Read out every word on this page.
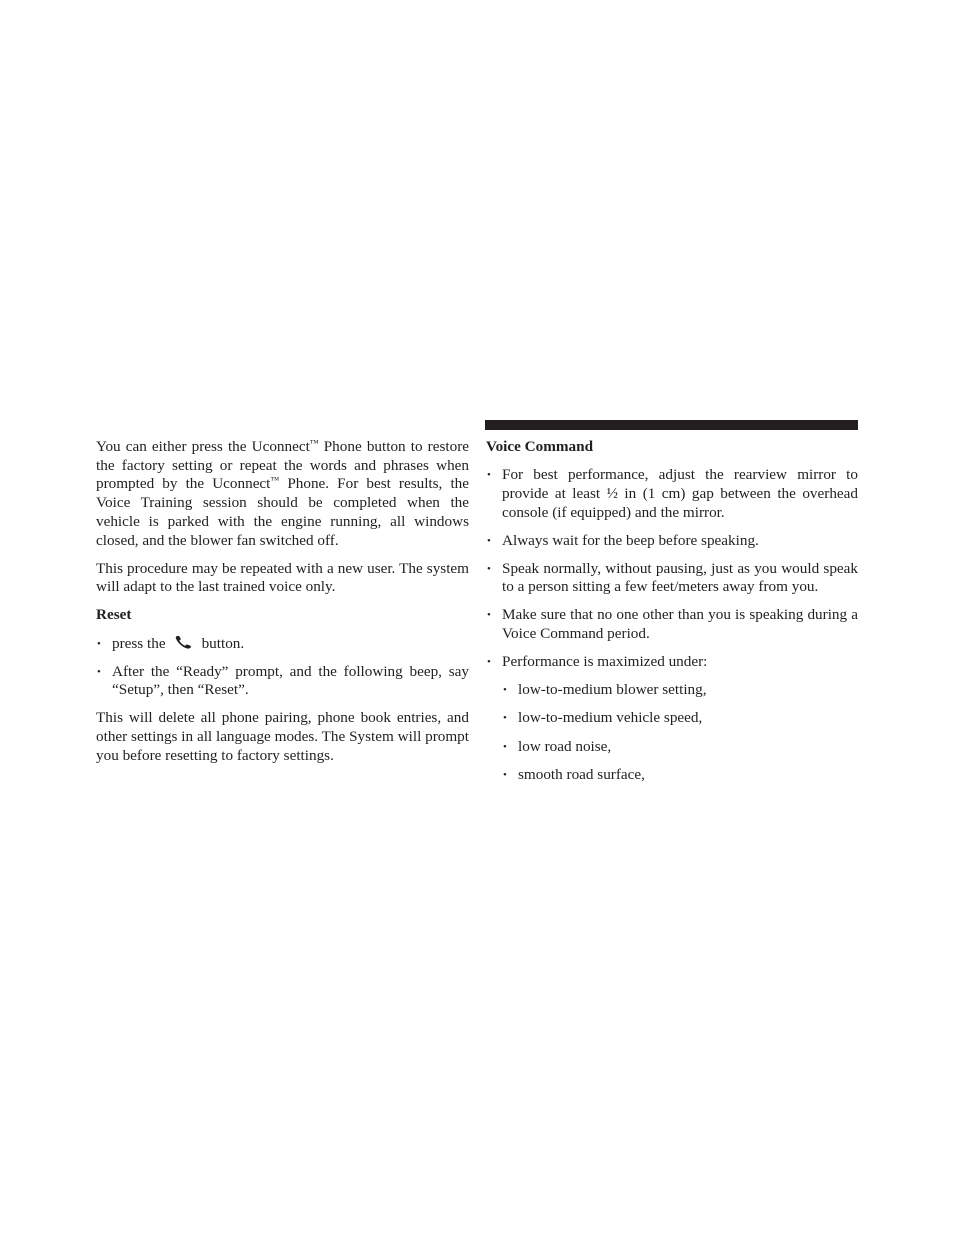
You can either press the Uconnect™ Phone button to restore the factory setting or repeat the words and phrases when prompted by the Uconnect™ Phone. For best results, the Voice Training session should be completed when the vehicle is parked with the engine running, all windows closed, and the blower fan switched off.

This procedure may be repeated with a new user. The system will adapt to the last trained voice only.

Reset
• press the button.
• After the “Ready” prompt, and the following beep, say “Setup”, then “Reset”.

This will delete all phone pairing, phone book entries, and other settings in all language modes. The System will prompt you before resetting to factory settings.

Voice Command
• For best performance, adjust the rearview mirror to provide at least ½ in (1 cm) gap between the overhead console (if equipped) and the mirror.
• Always wait for the beep before speaking.
• Speak normally, without pausing, just as you would speak to a person sitting a few feet/meters away from you.
• Make sure that no one other than you is speaking during a Voice Command period.
• Performance is maximized under:
• low-to-medium blower setting,
• low-to-medium vehicle speed,
• low road noise,
• smooth road surface,
